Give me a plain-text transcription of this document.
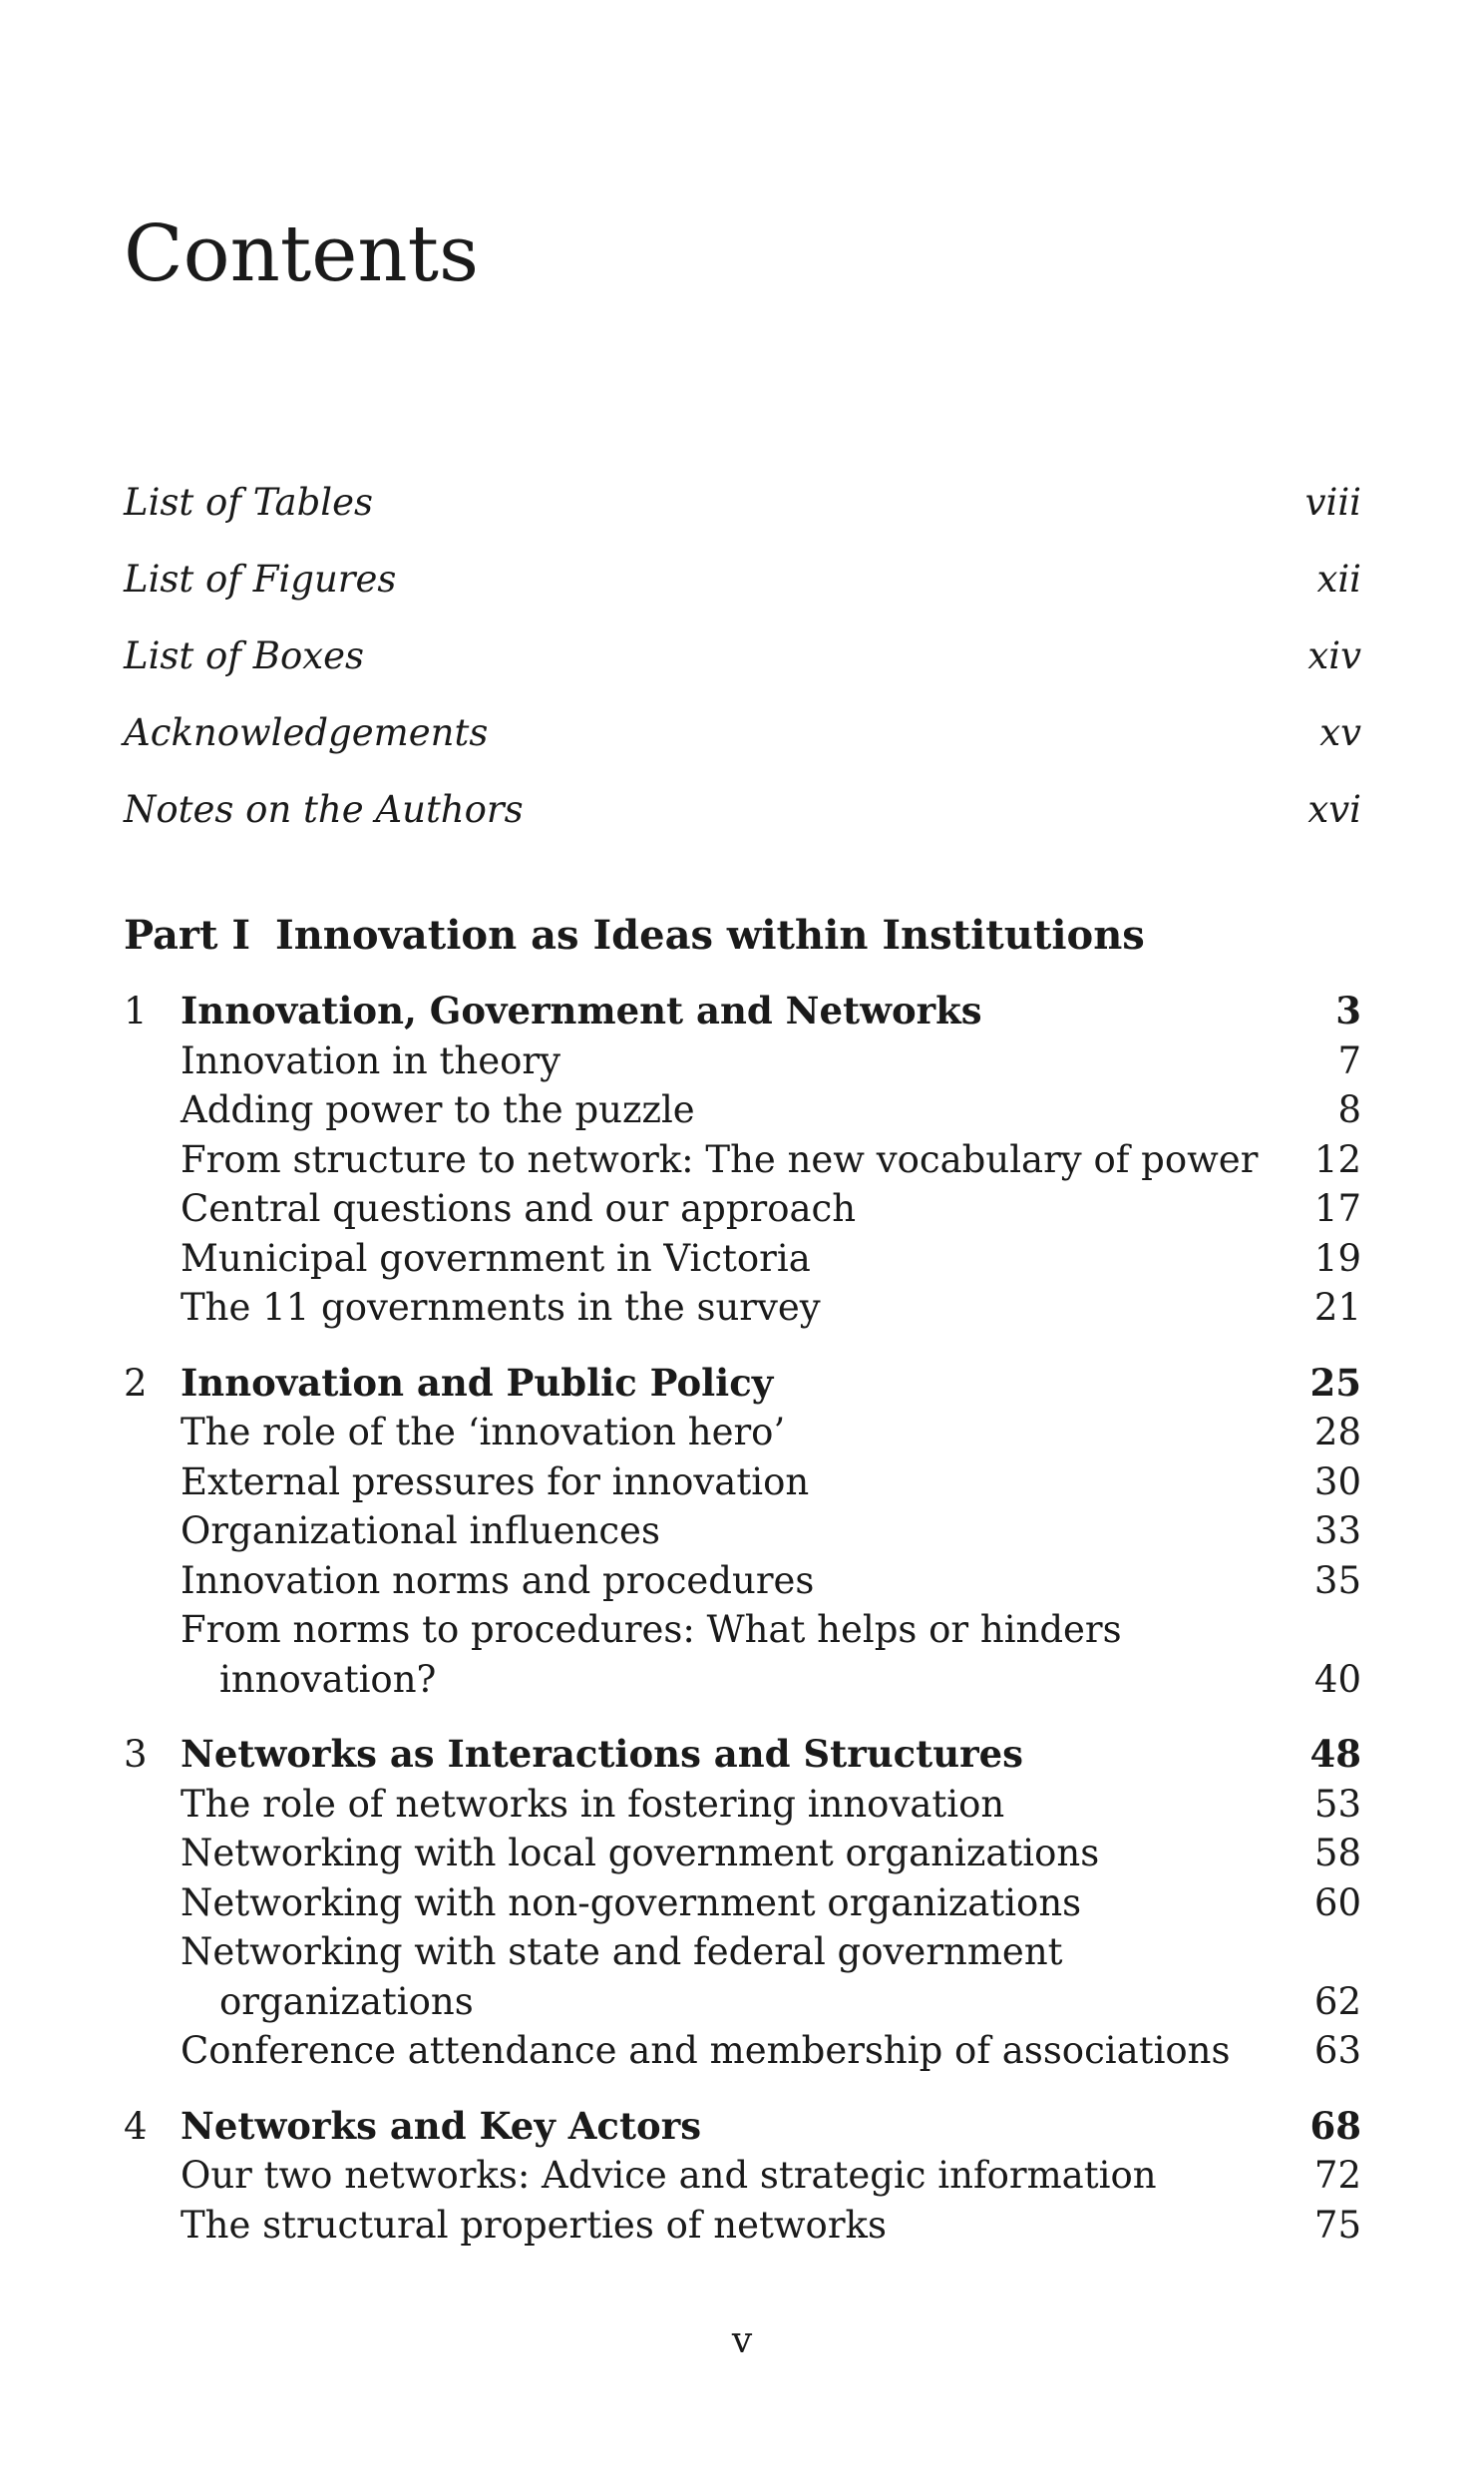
Contents
List of Tables	viii
List of Figures	xii
List of Boxes	xiv
Acknowledgements	xv
Notes on the Authors	xvi
Part I Innovation as Ideas within Institutions
1 Innovation, Government and Networks	3
Innovation in theory	7
Adding power to the puzzle	8
From structure to network: The new vocabulary of power 12
Central questions and our approach	17
Municipal government in Victoria	19
The 11 governments in the survey	21
2 Innovation and Public Policy	25
The role of the ‘innovation hero’	28
External pressures for innovation	30
Organizational influences	33
Innovation norms and procedures	35
From norms to procedures: What helps or hinders
innovation?	40
3 Networks as Interactions and Structures	48
The role of networks in fostering innovation	53
Networking with local government organizations	58
Networking with non-government organizations	60
Networking with state and federal government
organizations	62
Conference attendance and membership of associations 63
4 Networks and Key Actors	68
Our two networks: Advice and strategic information	72
The structural properties of networks	75
v
